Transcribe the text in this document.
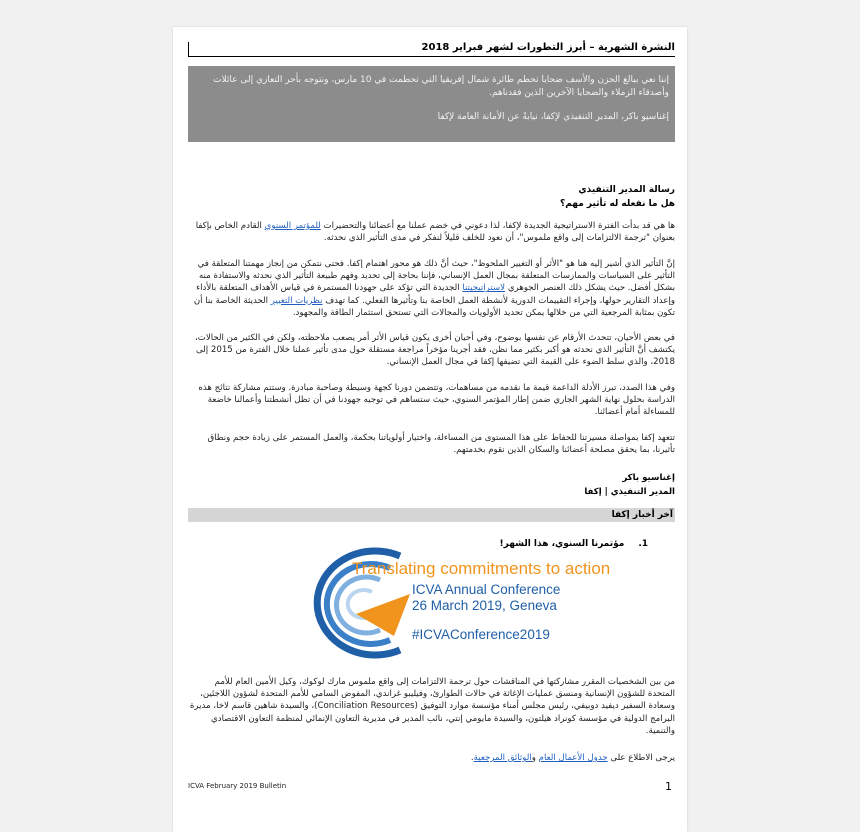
النشرة الشهرية – أبرز التطورات لشهر فبراير 2018
إننا نعي ببالغ الحزن والأسف ضحايا تحطم طائرة شمال إفريقيا التي تحطمت في 10 مارس، ونتوجه بأحر التعازي إلى عائلات وأصدقاء الزملاء والضحايا الآخرين الذين فقدناهم.
إغناسيو باكر، المدير التنفيذي لإكفا، نيابةً عن الأمانة العامة لإكفا
رسالة المدير التنفيذي
هل ما نفعله له تأثير مهم؟
ها هي قد بدأت الفترة الاستراتيجية الجديدة لإكفا، لذا دعوني في خضم عملنا مع أعضائنا والتحضيرات للمؤتمر السنوي القادم الخاص بإكفا بعنوان "ترجمة الالتزامات إلى واقع ملموس"، أن نعود للخلف قليلاً لنفكر في مدى التأثير الذي نحدثه.
إنَّ التأثير الذي أشير إليه هنا هو "الأثر أو التغيير الملحوظ"، حيث أنَّ ذلك هو محور اهتمام إكفا. فحتى نتمكن من إنجاز مهمتنا المتعلقة في التأثير على السياسات والممارسات المتعلقة بمجال العمل الإنساني، فإننا بحاجة إلى تحديد وفهم طبيعة التأثير الذي نحدثه والاستفادة منه بشكل أفضل. حيث يشكل ذلك العنصر الجوهري لاستراتيجيتنا الجديدة التي تؤكد على جهودنا المستمرة في قياس الأهداف المتعلقة بالأداء وإعداد التقارير حولها، وإجراء التقييمات الدورية لأنشطة العمل الخاصة بنا وتأثيرها الفعلي. كما تهدف نظريات التغيير الحديثة الخاصة بنا أن تكون بمثابة المرجعية التي من خلالها يمكن تحديد الأولويات والمجالات التي تستحق استثمار الطاقة والمجهود.
في بعض الأحيان، تتحدث الأرقام عن نفسها بوضوح، وفي أحيان أخرى يكون قياس الأثر أمر يصعب ملاحظته، ولكن في الكثير من الحالات، يكتشف أنَّ التأثير الذي نحدثه هو أكبر بكثير مما نظن، فقد أجرينا مؤخراً مراجعة مستقلة حول مدى تأثير عملنا خلال الفترة من 2015 إلى 2018، والذي سلط الضوء على القيمة التي تضيفها إكفا في مجال العمل الإنساني.
وفي هذا الصدد، تبرز الأدلة الداعمة قيمة ما نقدمه من مساهمات، وتتضمن دورنا كجهة وسيطة وصاحبة مبادرة. وستتم مشاركة نتائج هذه الدراسة بحلول نهاية الشهر الجاري ضمن إطار المؤتمر السنوي، حيث ستساهم في توجيه جهودنا في أن تظل أنشطتنا وأعمالنا خاضعة للمساءلة أمام أعضائنا.
تتعهد إكفا بمواصلة مسيرتنا للحفاظ على هذا المستوى من المساءلة، واختيار أولوياتنا بحكمة، والعمل المستمر على زيادة حجم ونطاق تأثيرنا، بما يحقق مصلحة أعضائنا والسكان الذين نقوم بخدمتهم.
إغناسيو باكر
المدير التنفيذي | إكفا
آخر أخبار إكفا
1.مؤتمرنا السنوي، هذا الشهر!
Translating commitments to action
ICVA Annual Conference
26 March 2019, Geneva
#ICVAConference2019
من بين الشخصيات المقرر مشاركتها في المناقشات حول ترجمة الالتزامات إلى واقع ملموس مارك لوكوك، وكيل الأمين العام للأمم المتحدة للشؤون الإنسانية ومنسق عمليات الإغاثة في حالات الطوارئ، وفيليبو غراندي، المفوض السامي للأمم المتحدة لشؤون اللاجئين، وسعادة السفير ديفيد دوبيفي، رئيس مجلس أمناء مؤسسة موارد التوفيق (Conciliation Resources)، والسيدة شاهين قاسم لاخا، مديرة البرامج الدولية في مؤسسة كونراد هيلتون، والسيدة مايومي إنتي، نائب المدير في مديرية التعاون الإنمائي لمنظمة التعاون الاقتصادي والتنمية.
يرجى الاطلاع على جدول الأعمال العام والوثائق المرجعية.
ICVA February 2019 Bulletin	1
